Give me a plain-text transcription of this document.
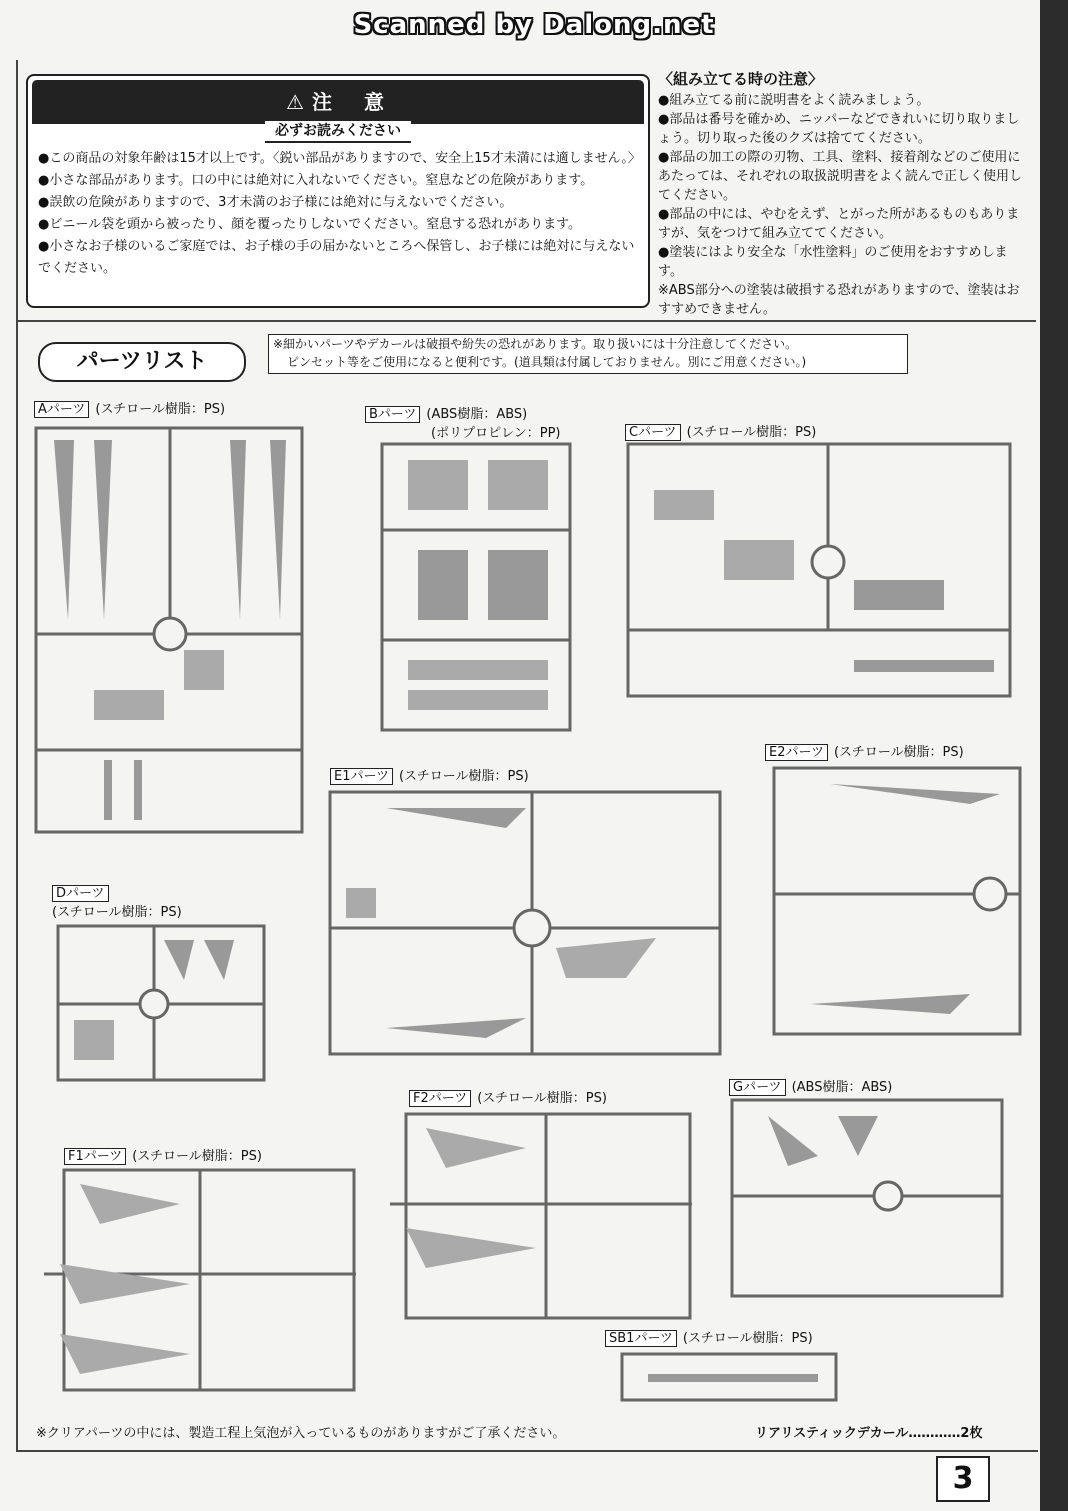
Scanned by Dalong.net
⚠ 注　意
必ずお読みください
●この商品の対象年齢は15才以上です。〈鋭い部品がありますので、安全上15才未満には適しません。〉
●小さな部品があります。口の中には絶対に入れないでください。窒息などの危険があります。
●誤飲の危険がありますので、3才未満のお子様には絶対に与えないでください。
●ビニール袋を頭から被ったり、顔を覆ったりしないでください。窒息する恐れがあります。
●小さなお子様のいるご家庭では、お子様の手の届かないところへ保管し、お子様には絶対に与えないでください。
〈組み立てる時の注意〉
●組み立てる前に説明書をよく読みましょう。
●部品は番号を確かめ、ニッパーなどできれいに切り取りましょう。切り取った後のクズは捨ててください。
●部品の加工の際の刃物、工具、塗料、接着剤などのご使用にあたっては、それぞれの取扱説明書をよく読んで正しく使用してください。
●部品の中には、やむをえず、とがった所があるものもありますが、気をつけて組み立ててください。
●塗装にはより安全な「水性塗料」のご使用をおすすめします。
※ABS部分への塗装は破損する恐れがありますので、塗装はおすすめできません。
パーツリスト
※細かいパーツやデカールは破損や紛失の恐れがあります。取り扱いには十分注意してください。
ピンセット等をご使用になると便利です。(道具類は付属しておりません。別にご用意ください。)
Aパーツ (スチロール樹脂：PS)	Bパーツ (ABS樹脂：ABS)
(ポリプロピレン：PP)	Cパーツ (スチロール樹脂：PS)
Dパーツ
(スチロール樹脂：PS)
E1パーツ (スチロール樹脂：PS)
E2パーツ (スチロール樹脂：PS)
F1パーツ (スチロール樹脂：PS)
F2パーツ (スチロール樹脂：PS)
Gパーツ (ABS樹脂：ABS)
SB1パーツ (スチロール樹脂：PS)
※クリアパーツの中には、製造工程上気泡が入っているものがありますがご了承ください。	リアリスティックデカール…………2枚
3
